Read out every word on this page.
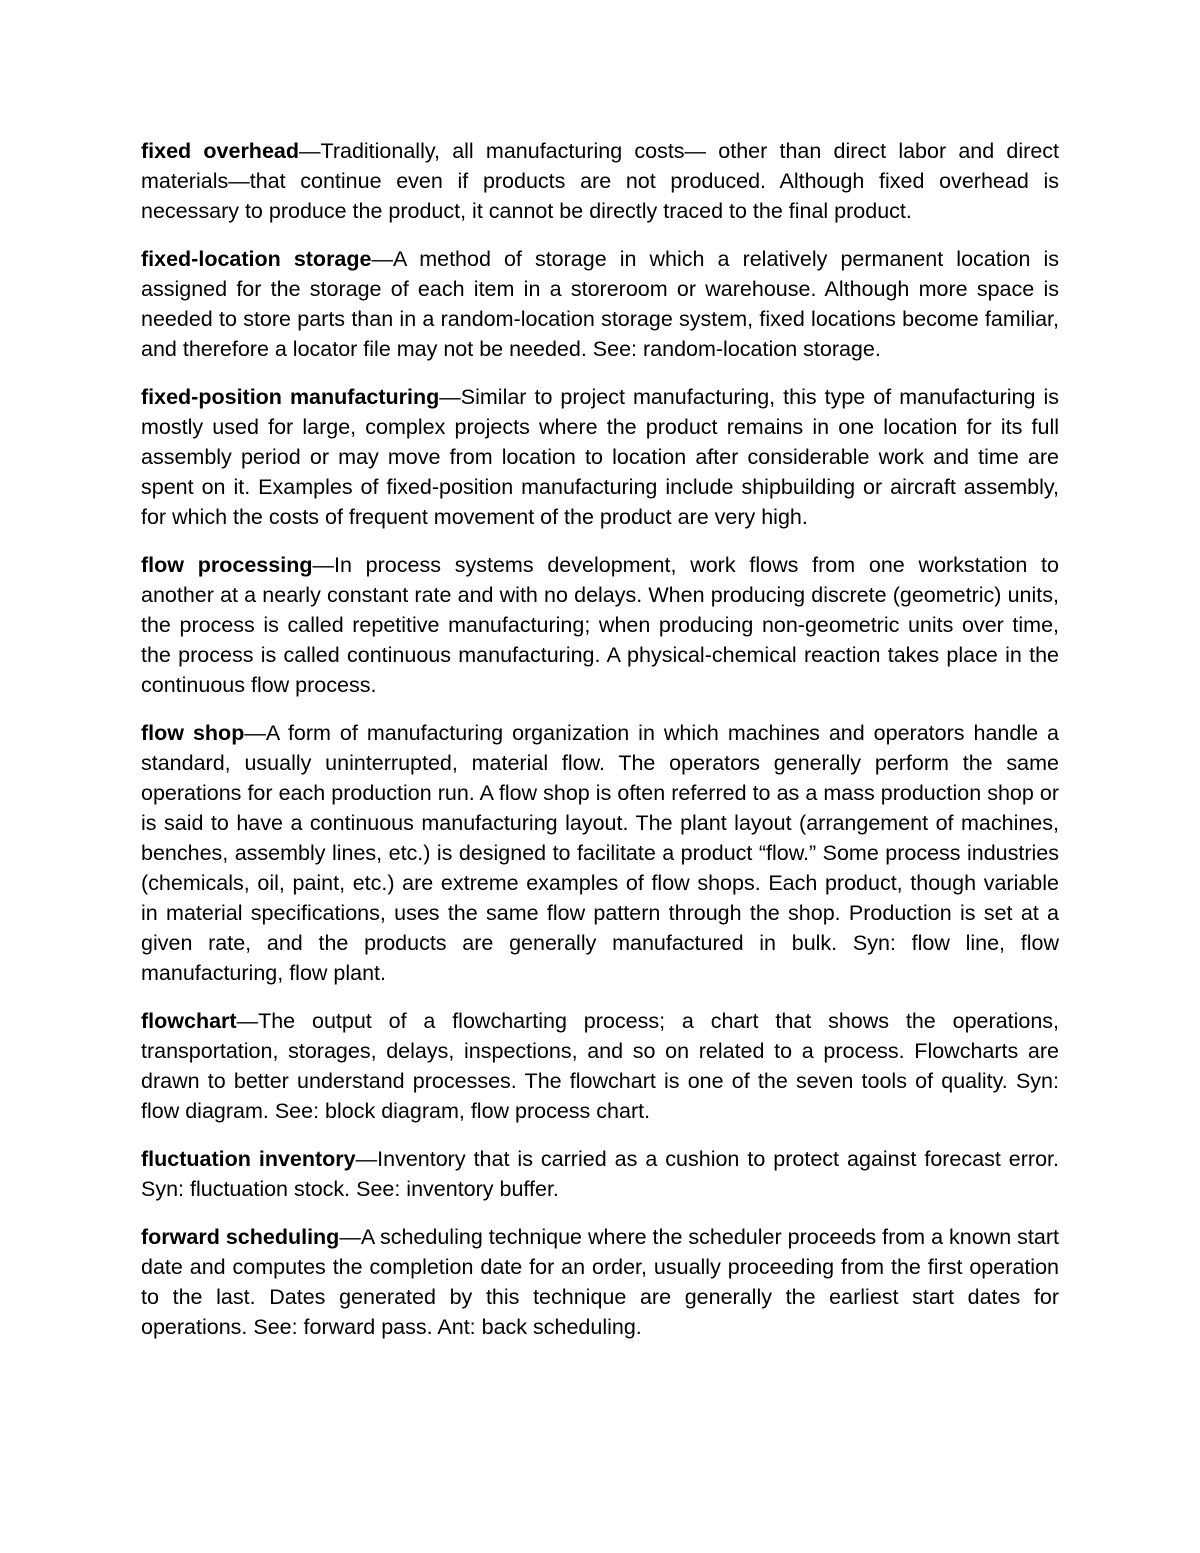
fixed overhead—Traditionally, all manufacturing costs— other than direct labor and direct materials—that continue even if products are not produced. Although fixed overhead is necessary to produce the product, it cannot be directly traced to the final product.

fixed-location storage—A method of storage in which a relatively permanent location is assigned for the storage of each item in a storeroom or warehouse. Although more space is needed to store parts than in a random-location storage system, fixed locations become familiar, and therefore a locator file may not be needed. See: random-location storage.

fixed-position manufacturing—Similar to project manufacturing, this type of manufacturing is mostly used for large, complex projects where the product remains in one location for its full assembly period or may move from location to location after considerable work and time are spent on it. Examples of fixed-position manufacturing include shipbuilding or aircraft assembly, for which the costs of frequent movement of the product are very high.

flow processing—In process systems development, work flows from one workstation to another at a nearly constant rate and with no delays. When producing discrete (geometric) units, the process is called repetitive manufacturing; when producing non-geometric units over time, the process is called continuous manufacturing. A physical-chemical reaction takes place in the continuous flow process.

flow shop—A form of manufacturing organization in which machines and operators handle a standard, usually uninterrupted, material flow. The operators generally perform the same operations for each production run. A flow shop is often referred to as a mass production shop or is said to have a continuous manufacturing layout. The plant layout (arrangement of machines, benches, assembly lines, etc.) is designed to facilitate a product “flow.” Some process industries (chemicals, oil, paint, etc.) are extreme examples of flow shops. Each product, though variable in material specifications, uses the same flow pattern through the shop. Production is set at a given rate, and the products are generally manufactured in bulk. Syn: flow line, flow manufacturing, flow plant.

flowchart—The output of a flowcharting process; a chart that shows the operations, transportation, storages, delays, inspections, and so on related to a process. Flowcharts are drawn to better understand processes. The flowchart is one of the seven tools of quality. Syn: flow diagram. See: block diagram, flow process chart.

fluctuation inventory—Inventory that is carried as a cushion to protect against forecast error. Syn: fluctuation stock. See: inventory buffer.

forward scheduling—A scheduling technique where the scheduler proceeds from a known start date and computes the completion date for an order, usually proceeding from the first operation to the last. Dates generated by this technique are generally the earliest start dates for operations. See: forward pass. Ant: back scheduling.
